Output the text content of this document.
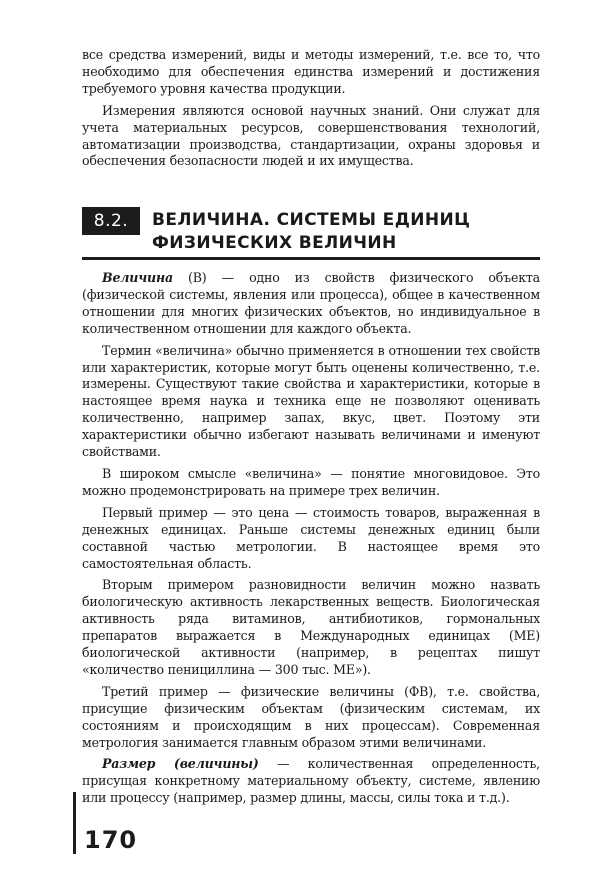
все средства измерений, виды и методы измерений, т.е. все то, что необходимо для обеспечения единства измерений и достижения требуемого уровня качества продукции.

Измерения являются основой научных знаний. Они служат для учета материальных ресурсов, совершенствования технологий, автоматизации производства, стандартизации, охраны здоровья и обеспечения безопасности людей и их имущества.

8.2.	ВЕЛИЧИНА. СИСТЕМЫ ЕДИНИЦ
ФИЗИЧЕСКИХ ВЕЛИЧИН

Величина (В) — одно из свойств физического объекта (физической системы, явления или процесса), общее в качественном отношении для многих физических объектов, но индивидуальное в количественном отношении для каждого объекта.

Термин «величина» обычно применяется в отношении тех свойств или характеристик, которые могут быть оценены количественно, т.е. измерены. Существуют такие свойства и характеристики, которые в настоящее время наука и техника еще не позволяют оценивать количественно, например запах, вкус, цвет. Поэтому эти характеристики обычно избегают называть величинами и именуют свойствами.

В широком смысле «величина» — понятие многовидовое. Это можно продемонстрировать на примере трех величин.

Первый пример — это цена — стоимость товаров, выраженная в денежных единицах. Раньше системы денежных единиц были составной частью метрологии. В настоящее время это самостоятельная область.

Вторым примером разновидности величин можно назвать биологическую активность лекарственных веществ. Биологическая активность ряда витаминов, антибиотиков, гормональных препаратов выражается в Международных единицах (МЕ) биологической активности (например, в рецептах пишут «количество пенициллина — 300 тыс. МЕ»).

Третий пример — физические величины (ФВ), т.е. свойства, присущие физическим объектам (физическим системам, их состояниям и происходящим в них процессам). Современная метрология занимается главным образом этими величинами.

Размер (величины) — количественная определенность, присущая конкретному материальному объекту, системе, явлению или процессу (например, размер длины, массы, силы тока и т.д.).

170
